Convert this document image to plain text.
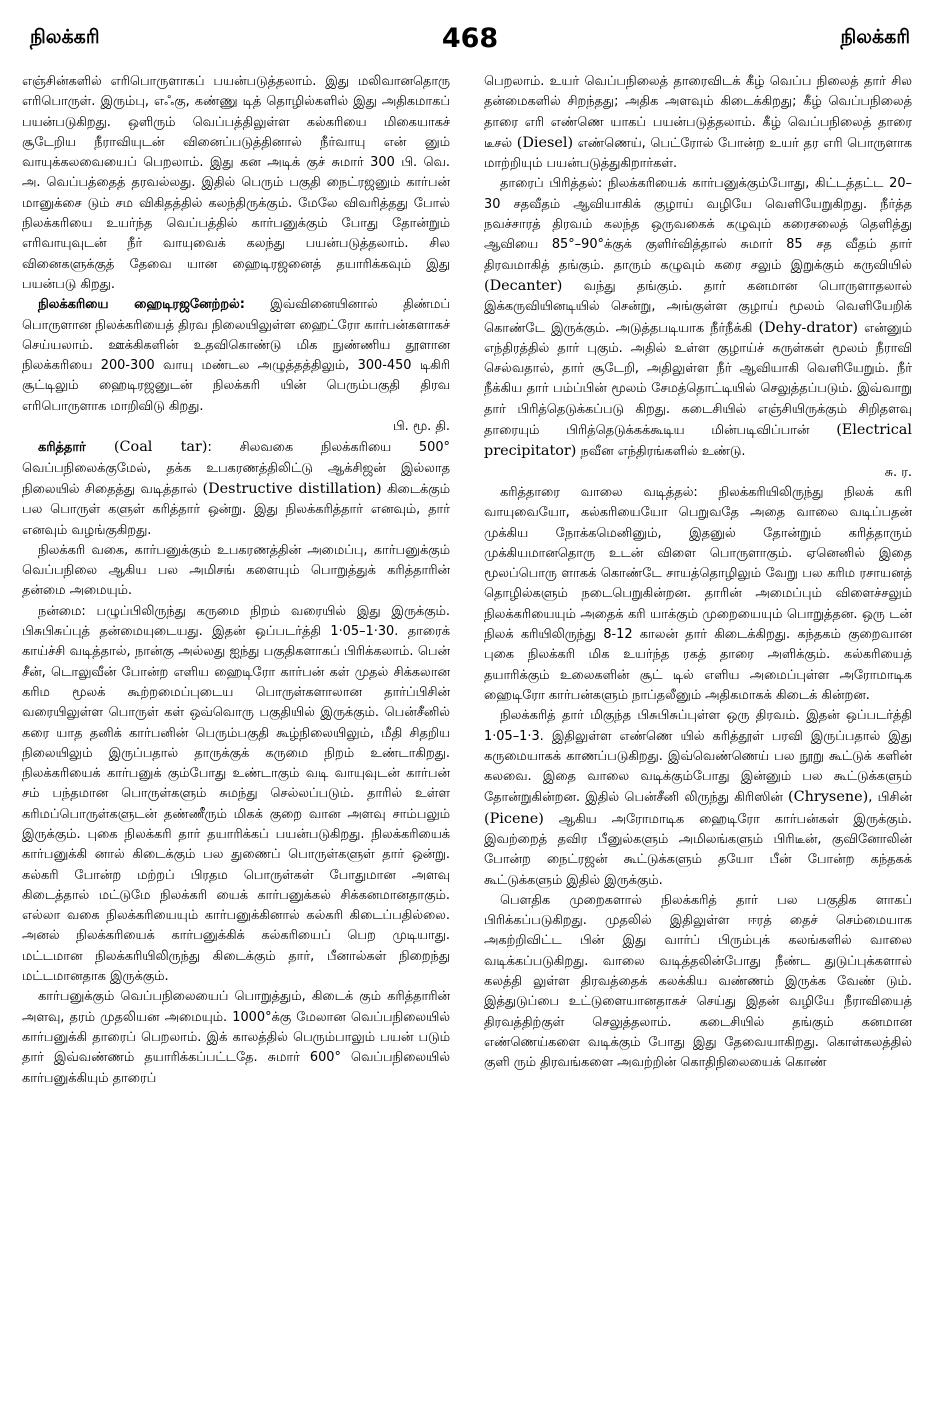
நிலக்கரி	468	நிலக்கரி

எஞ்சின்களில் எரிபொருளாகப் பயன்படுத்தலாம். இது மலிவானதொரு எரிபொருள். இரும்பு, எஃகு, கண்ணு டித் தொழில்களில் இது அதிகமாகப் பயன்படுகிறது. ஒளிரும் வெப்பத்திலுள்ள கல்கரியை மிகையாகச் சூடேறிய நீராவியுடன் வினைப்படுத்தினால் நீர்வாயு என் னும் வாயுக்கலவையைப் பெறலாம். இது கன அடிக் குச் சுமார் 300 பி. வெ. அ. வெப்பத்தைத் தரவல்லது. இதில் பெரும் பகுதி நைட்ரஜனும் கார்பன் மானுக்சை டும் சம விகிதத்தில் கலந்திருக்கும். மேலே விவரித்தது போல் நிலக்கரியை உயர்ந்த வெப்பத்தில் கார்பனுக்கும் போது தோன்றும் எரிவாயுவுடன் நீர் வாயுவைக் கலந்து பயன்படுத்தலாம். சில வினைகளுக்குத் தேவை யான ஹைடிரஜனைத் தயாரிக்கவும் இது பயன்படு கிறது.

நிலக்கரியை ஹைடிரஜனேற்றல்: இவ்வினையினால் திண்மப் பொருளான நிலக்கரியைத் திரவ நிலையிலுள்ள ஹைட்ரோ கார்பன்களாகச் செய்யலாம். ஊக்கிகளின் உதவிகொண்டு மிக நுண்ணிய தூளான நிலக்கரியை 200-300 வாயு மண்டல அழுத்தத்திலும், 300-450 டிகிரி சூட்டிலும் ஹைடிரஜனுடன் நிலக்கரி யின் பெரும்பகுதி திரவ எரிபொருளாக மாறிவிடு கிறது.

பி. மூ. தி.

கரித்தார் (Coal tar): சிலவகை நிலக்கரியை 500° வெப்பநிலைக்குமேல், தக்க உபகரணத்திலிட்டு ஆக்சிஜன் இல்லாத நிலையில் சிதைத்து வடித்தால் (Destructive distillation) கிடைக்கும் பல பொருள் களுள் கரித்தார் ஒன்று. இது நிலக்கரித்தார் எனவும், தார் எனவும் வழங்குகிறது.

நிலக்கரி வகை, கார்பனுக்கும் உபகரணத்தின் அமைப்பு, கார்பனுக்கும் வெப்பநிலை ஆகிய பல அமிசங் களையும் பொறுத்துக் கரித்தாரின் தன்மை அமையும்.

நன்மை: பழுப்பிலிருந்து கருமை நிறம் வரையில் இது இருக்கும். பிசுபிசுப்புத் தன்மையுடையது. இதன் ஒப்படர்த்தி 1·05–1·30. தாரைக் காய்ச்சி வடித்தால், நான்கு அல்லது ஐந்து பகுதிகளாகப் பிரிக்கலாம். பென் சீன், டொலுவீன் போன்ற எளிய ஹைடிரோ கார்பன் கள் முதல் சிக்கலான கரிம மூலக் கூற்றமைப்புடைய பொருள்களாலான தார்ப்பிசின் வரையிலுள்ள பொருள் கள் ஒவ்வொரு பகுதியில் இருக்கும். பென்சீனில் கரை யாத தனிக் கார்பனின் பெரும்பகுதி கூழ்நிலையிலும், மீதி சிதறிய நிலையிலும் இருப்பதால் தாருக்குக் கருமை நிறம் உண்டாகிறது. நிலக்கரியைக் கார்பனுக் கும்போது உண்டாகும் வடி வாயுவுடன் கார்பன் சம் பந்தமான பொருள்களும் சுமந்து செல்லப்படும். தாரில் உள்ள கரிமப்பொருள்களுடன் தண்ணீரும் மிகக் குறை வான அளவு சாம்பலும் இருக்கும். புகை நிலக்கரி தார் தயாரிக்கப் பயன்படுகிறது. நிலக்கரியைக் கார்பனுக்கி னால் கிடைக்கும் பல துணைப் பொருள்களுள் தார் ஒன்று. கல்கரி போன்ற மற்றப் பிரதம பொருள்கள் போதுமான அளவு கிடைத்தால் மட்டுமே நிலக்கரி யைக் கார்பனுக்கல் சிக்கனமானதாகும். எல்லா வகை நிலக்கரியையும் கார்பனுக்கினால் கல்கரி கிடைப்பதில்லை. அனல் நிலக்கரியைக் கார்பனுக்கிக் கல்கரியைப் பெற முடியாது. மட்டமான நிலக்கரியிலிருந்து கிடைக்கும் தார், பீனால்கள் நிறைந்து மட்டமானதாக இருக்கும்.

கார்பனுக்கும் வெப்பநிலையைப் பொறுத்தும், கிடைக் கும் கரித்தாரின் அளவு, தரம் முதலியன அமையும். 1000°க்கு மேலான வெப்பநிலையில் கார்பனுக்கி தாரைப் பெறலாம். இக் காலத்தில் பெரும்பாலும் பயன் படும் தார் இவ்வண்ணம் தயாரிக்கப்பட்டதே. சுமார் 600° வெப்பநிலையில் கார்பனுக்கியும் தாரைப்

பெறலாம். உயர் வெப்பநிலைத் தாரைவிடக் கீழ் வெப்ப நிலைத் தார் சில தன்மைகளில் சிறந்தது; அதிக அளவும் கிடைக்கிறது; கீழ் வெப்பநிலைத் தாரை எரி எண்ணெ யாகப் பயன்படுத்தலாம். கீழ் வெப்பநிலைத் தாரை டீசல் (Diesel) எண்ணெய், பெட்ரோல் போன்ற உயர் தர எரி பொருளாக மாற்றியும் பயன்படுத்துகிறார்கள்.

தாரைப் பிரித்தல்: நிலக்கரியைக் கார்பனுக்கும்போது, கிட்டத்தட்ட 20–30 சதவீதம் ஆவியாகிக் குழாய் வழியே வெளியேறுகிறது. நீர்த்த நவச்சாரத் திரவம் கலந்த ஒருவகைக் கழுவும் கரைசலைத் தெளித்து ஆவியை 85°–90°க்குக் குளிர்வித்தால் சுமார் 85 சத வீதம் தார் திரவமாகித் தங்கும். தாரும் கழுவும் கரை சலும் இறுக்கும் கருவியில் (Decanter) வந்து தங்கும். தார் கனமான பொருளாதலால் இக்கருவியினடியில் சென்று, அங்குள்ள குழாய் மூலம் வெளியேறிக் கொண்டே இருக்கும். அடுத்தபடியாக நீர்நீக்கி (Dehy-drator) என்னும் எந்திரத்தில் தார் புகும். அதில் உள்ள குழாய்ச் சுருள்கள் மூலம் நீராவி செல்வதால், தார் சூடேறி, அதிலுள்ள நீர் ஆவியாகி வெளியேறும். நீர் நீக்கிய தார் பம்ப்பின் மூலம் சேமத்தொட்டியில் செலுத்தப்படும். இவ்வாறு தார் பிரித்தெடுக்கப்படு கிறது. கடைசியில் எஞ்சியிருக்கும் சிறிதளவு தாரையும் பிரித்தெடுக்கக்கூடிய மின்படிவிப்பான் (Electrical precipitator) நவீன எந்திரங்களில் உண்டு.

சு. ர.

கரித்தாரை வாலை வடித்தல்: நிலக்கரியிலிருந்து நிலக் கரி வாயுவையோ, கல்கரியையோ பெறுவதே அதை வாலை வடிப்பதன் முக்கிய நோக்கமெனினும், இதனுல் தோன்றும் கரித்தாரும் முக்கியமானதொரு உடன் விளை பொருளாகும். ஏனெனில் இதை மூலப்பொரு ளாகக் கொண்டே சாயத்தொழிலும் வேறு பல கரிம ரசாயனத் தொழில்களும் நடைபெறுகின்றன. தாரின் அமைப்பும் விளைச்சலும் நிலக்கரியையும் அதைக் கரி யாக்கும் முறையையும் பொறுத்தன. ஒரு டன் நிலக் கரியிலிருந்து 8-12 காலன் தார் கிடைக்கிறது. கந்தகம் குறைவான புகை நிலக்கரி மிக உயர்ந்த ரகத் தாரை அளிக்கும். கல்கரியைத் தயாரிக்கும் உலைகளின் சூட் டில் எளிய அமைப்புள்ள அரோமாடிக ஹைடிரோ கார்பன்களும் நாப்தலீனும் அதிகமாகக் கிடைக் கின்றன.

நிலக்கரித் தார் மிகுந்த பிசுபிசுப்புள்ள ஒரு திரவம். இதன் ஒப்படர்த்தி 1·05–1·3. இதிலுள்ள எண்ணெ யில் கரித்தூள் பரவி இருப்பதால் இது கருமையாகக் காணப்படுகிறது. இவ்வெண்ணெய் பல நூறு கூட்டுக் களின் கலவை. இதை வாலை வடிக்கும்போது இன்னும் பல கூட்டுக்களும் தோன்றுகின்றன. இதில் பென்சீனி லிருந்து கிரிஸின் (Chrysene), பிசின் (Picene) ஆகிய அரோமாடிக ஹைடிரோ கார்பன்கள் இருக்கும். இவற்றைத் தவிர பீனுல்களும் அமிலங்களும் பிரிடீன், குவினோலின் போன்ற நைட்ரஜன் கூட்டுக்களும் தயோ பீன் போன்ற கந்தகக் கூட்டுக்களும் இதில் இருக்கும்.

பௌதிக முறைகளால் நிலக்கரித் தார் பல பகுதிக ளாகப் பிரிக்கப்படுகிறது. முதலில் இதிலுள்ள ஈரத் தைச் செம்மையாக அகற்றிவிட்ட பின் இது வார்ப் பிரும்புக் கலங்களில் வாலை வடிக்கப்படுகிறது. வாலை வடித்தலின்போது நீண்ட துடுப்புக்களால் கலத்தி லுள்ள திரவத்தைக் கலக்கிய வண்ணம் இருக்க வேண் டும். இத்துடுப்பை உட்டுளையானதாகச் செய்து இதன் வழியே நீராவியைத் திரவத்திற்குள் செலுத்தலாம். கடைசியில் தங்கும் கனமான எண்ணெய்களை வடிக்கும் போது இது தேவையாகிறது. கொள்கலத்தில் குளி ரும் திரவங்களை அவற்றின் கொதிநிலையைக் கொண்
